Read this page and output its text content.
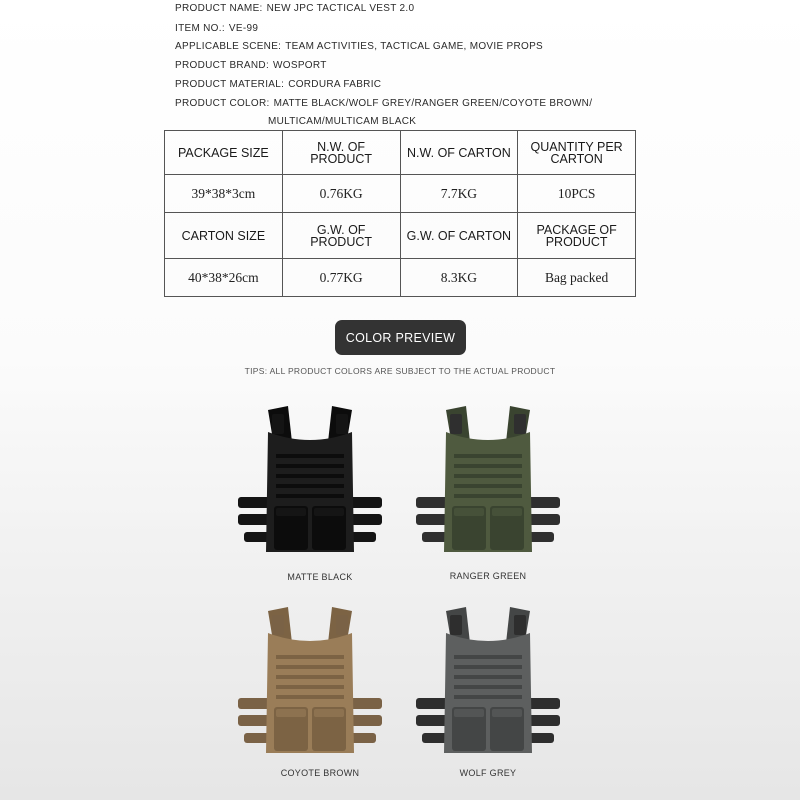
PRODUCT NAME: NEW JPC TACTICAL VEST 2.0
ITEM NO.: VE-99
APPLICABLE SCENE: TEAM ACTIVITIES, TACTICAL GAME, MOVIE PROPS
PRODUCT BRAND: WOSPORT
PRODUCT MATERIAL: CORDURA FABRIC
PRODUCT COLOR: MATTE BLACK/WOLF GREY/RANGER GREEN/COYOTE BROWN/
MULTICAM/MULTICAM BLACK
PACKAGE SIZE	N.W. OF PRODUCT	N.W. OF CARTON	QUANTITY PER CARTON
39*38*3cm	0.76KG	7.7KG	10PCS
CARTON SIZE	G.W. OF PRODUCT	G.W. OF CARTON	PACKAGE OF PRODUCT
40*38*26cm	0.77KG	8.3KG	Bag packed
COLOR PREVIEW
TIPS: ALL PRODUCT COLORS ARE SUBJECT TO THE ACTUAL PRODUCT
MATTE BLACK	RANGER GREEN
COYOTE BROWN	WOLF GREY
